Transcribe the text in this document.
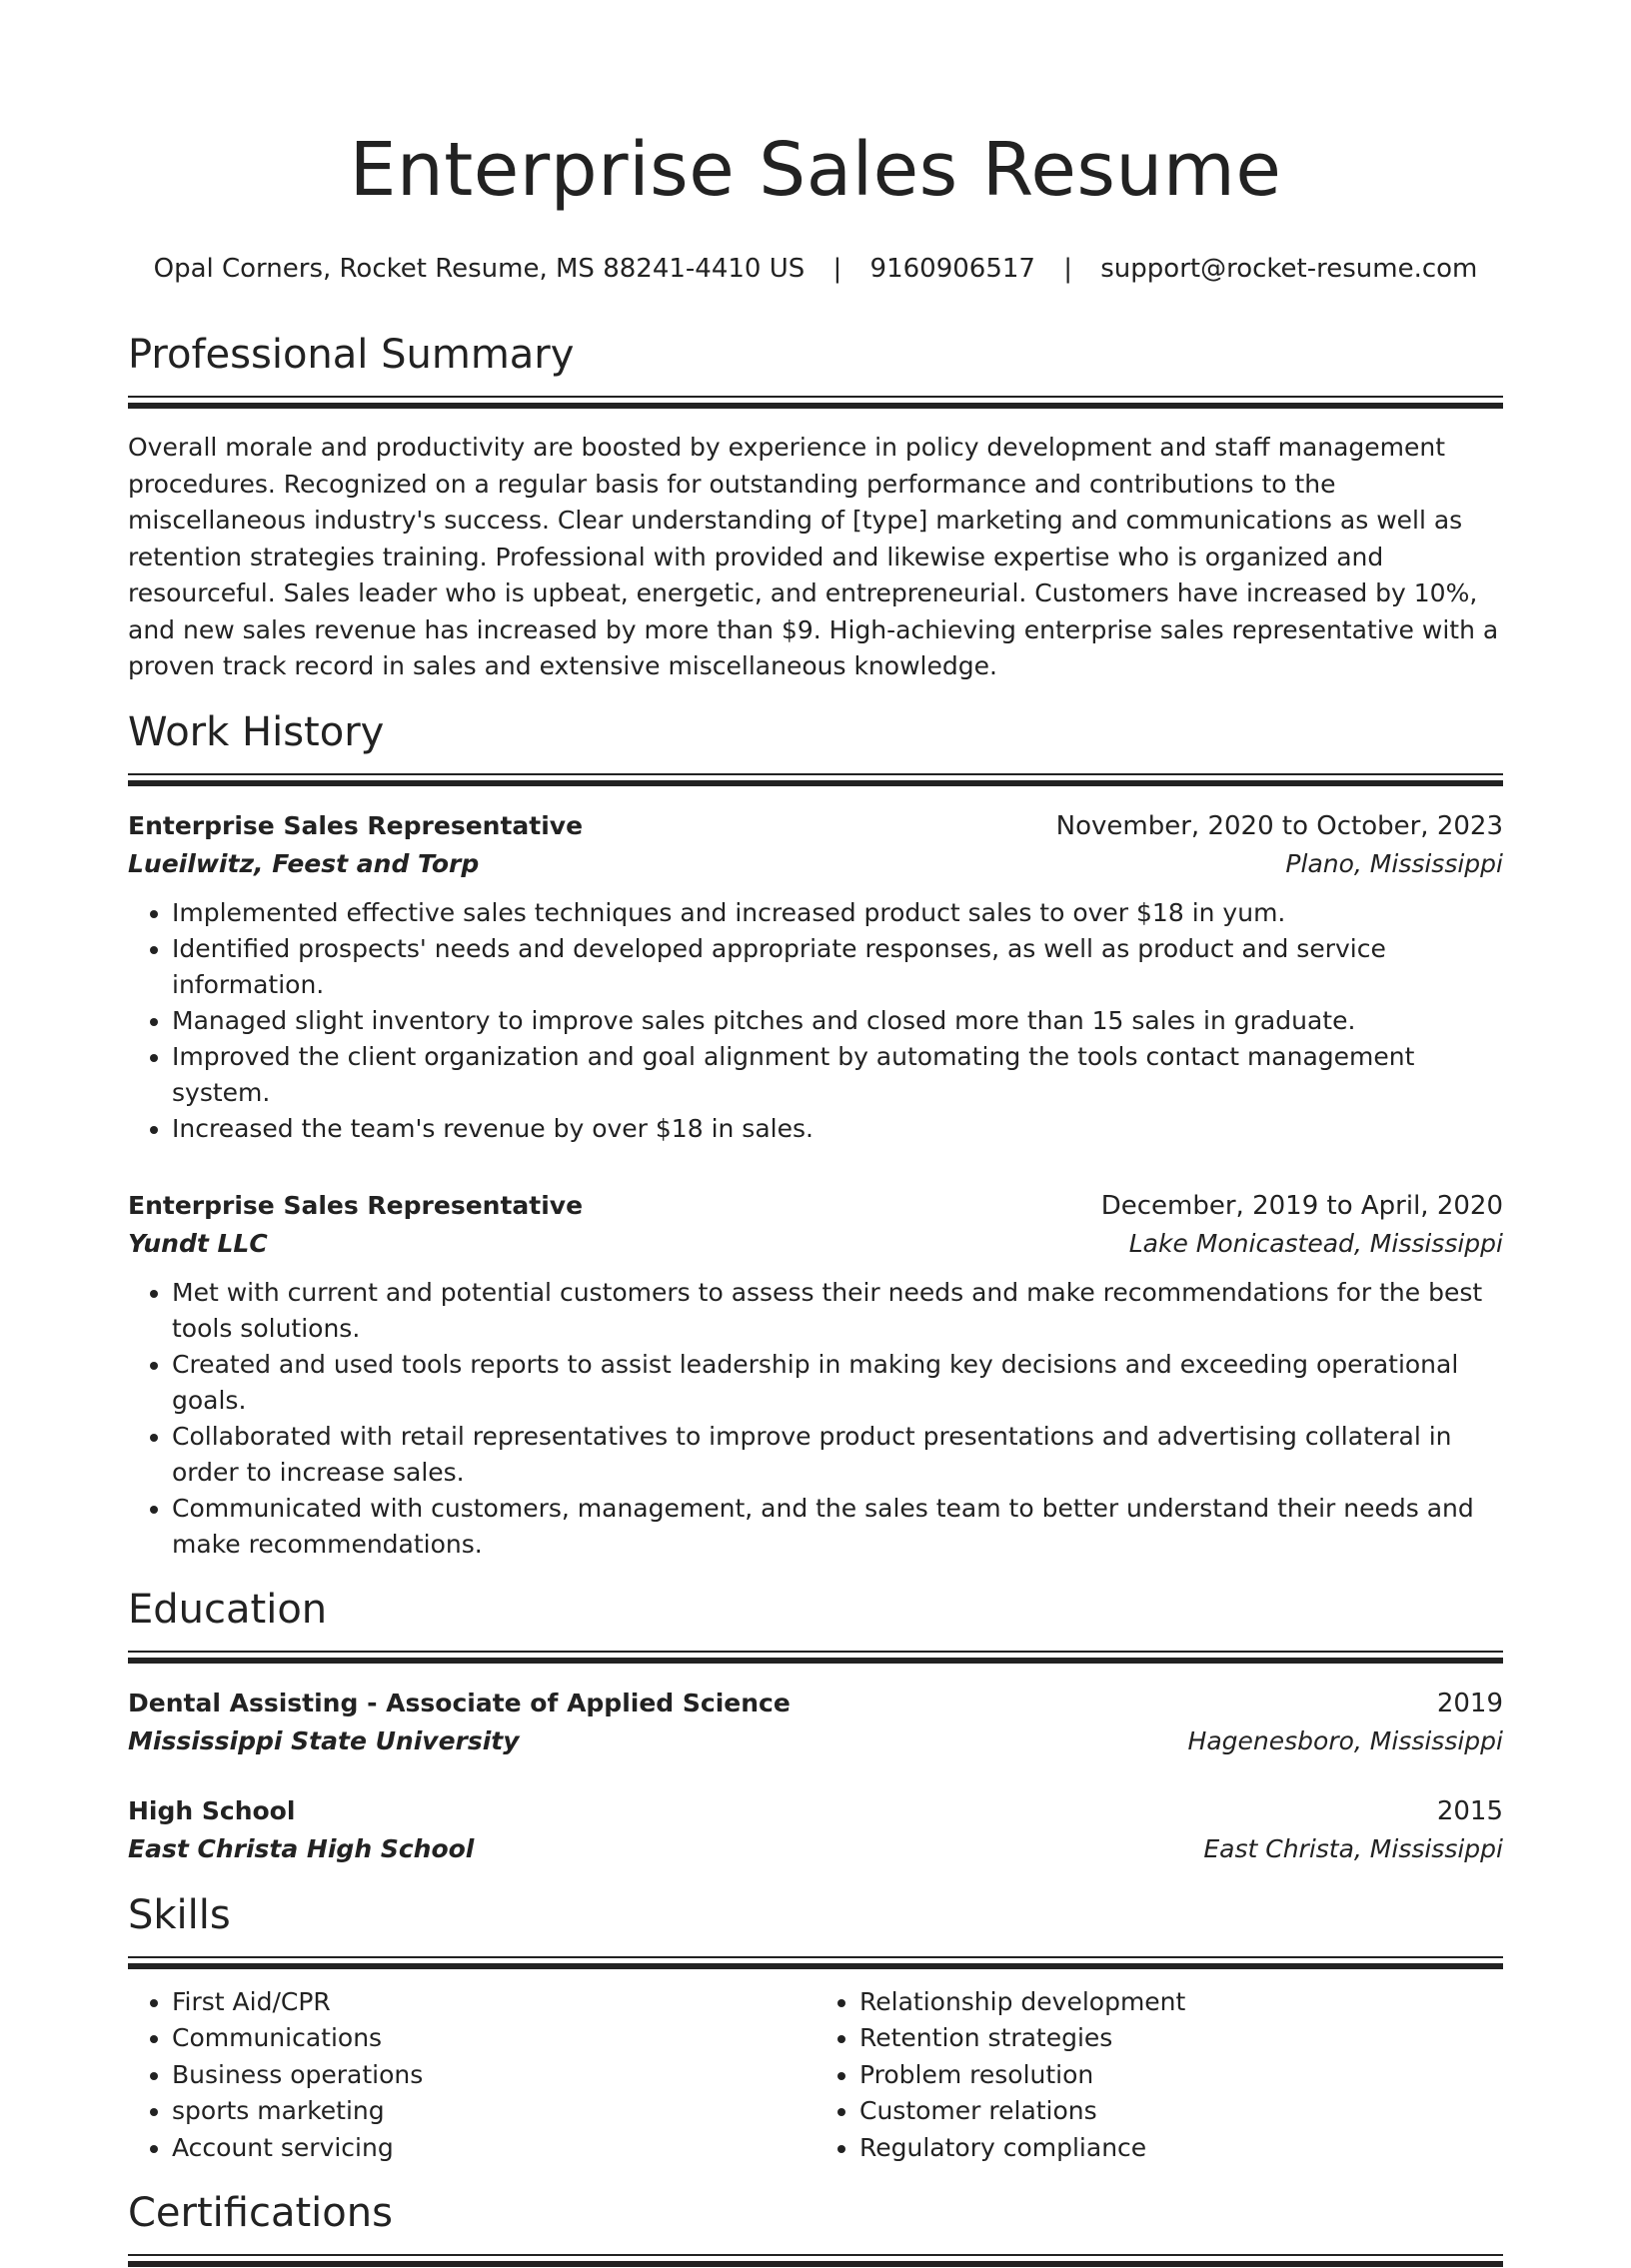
Enterprise Sales Resume
Opal Corners, Rocket Resume, MS 88241-4410 US | 9160906517 | support@rocket-resume.com
Professional Summary
Overall morale and productivity are boosted by experience in policy development and staff management procedures. Recognized on a regular basis for outstanding performance and contributions to the miscellaneous industry's success. Clear understanding of [type] marketing and communications as well as retention strategies training. Professional with provided and likewise expertise who is organized and resourceful. Sales leader who is upbeat, energetic, and entrepreneurial. Customers have increased by 10%, and new sales revenue has increased by more than $9. High-achieving enterprise sales representative with a proven track record in sales and extensive miscellaneous knowledge.
Work History
Enterprise Sales Representative	November, 2020 to October, 2023
Lueilwitz, Feest and Torp	Plano, Mississippi
• Implemented effective sales techniques and increased product sales to over $18 in yum.
• Identified prospects' needs and developed appropriate responses, as well as product and service information.
• Managed slight inventory to improve sales pitches and closed more than 15 sales in graduate.
• Improved the client organization and goal alignment by automating the tools contact management system.
• Increased the team's revenue by over $18 in sales.
Enterprise Sales Representative	December, 2019 to April, 2020
Yundt LLC	Lake Monicastead, Mississippi
• Met with current and potential customers to assess their needs and make recommendations for the best tools solutions.
• Created and used tools reports to assist leadership in making key decisions and exceeding operational goals.
• Collaborated with retail representatives to improve product presentations and advertising collateral in order to increase sales.
• Communicated with customers, management, and the sales team to better understand their needs and make recommendations.
Education
Dental Assisting - Associate of Applied Science	2019
Mississippi State University	Hagenesboro, Mississippi
High School	2015
East Christa High School	East Christa, Mississippi
Skills
• First Aid/CPR
• Communications
• Business operations
• sports marketing
• Account servicing
• Relationship development
• Retention strategies
• Problem resolution
• Customer relations
• Regulatory compliance
Certifications
